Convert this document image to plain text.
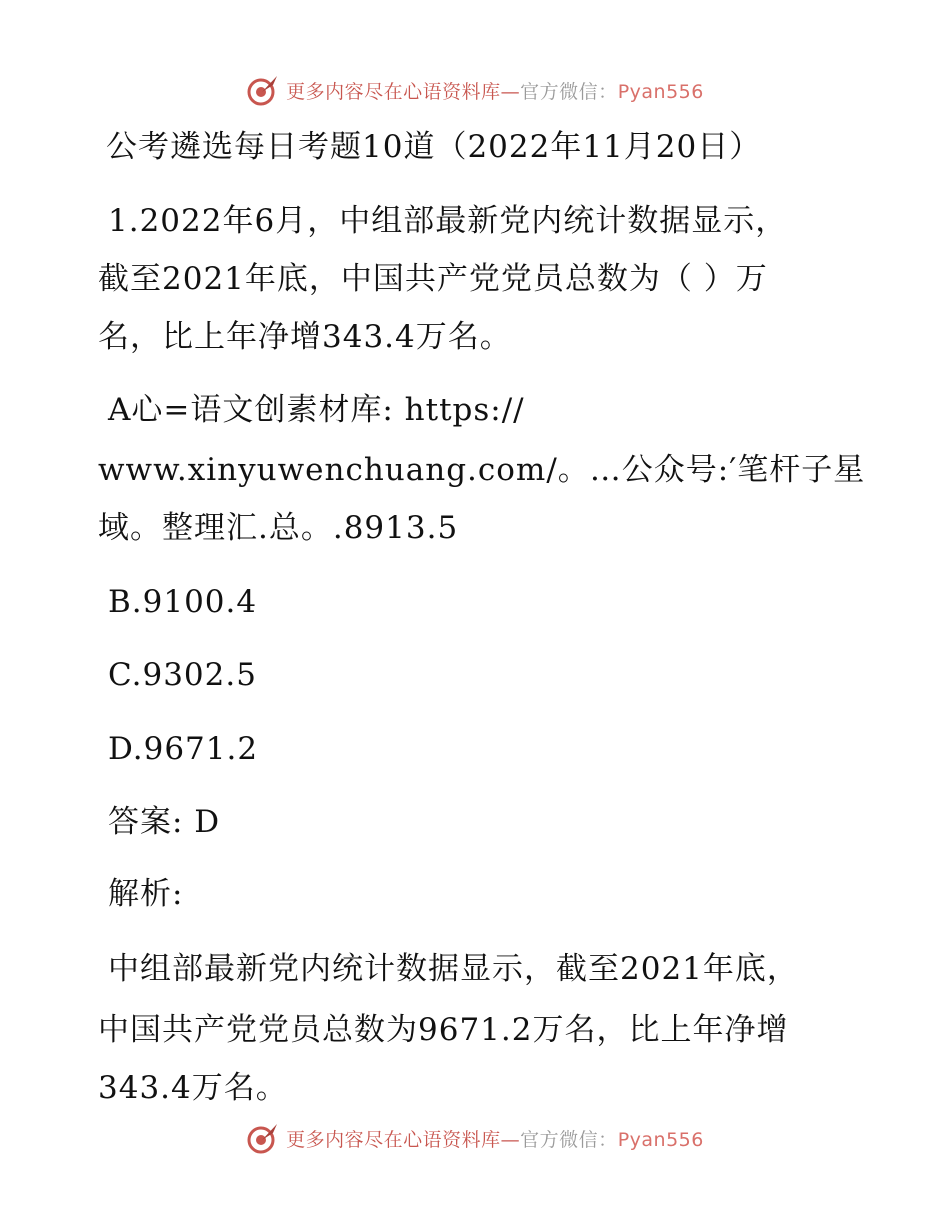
更多内容尽在心语资料库—官方微信：Pyan556
公考遴选每日考题10道（2022年11月20日）
1.2022年6月，中组部最新党内统计数据显示，
截至2021年底，中国共产党党员总数为（ ）万
名，比上年净增343.4万名。
A心=语文创素材库: https://
www.xinyuwenchuang.com/。…公众号:′笔杆子星
域。整理汇.总。.8913.5
B.9100.4
C.9302.5
D.9671.2
答案: D
解析:
中组部最新党内统计数据显示，截至2021年底，
中国共产党党员总数为9671.2万名，比上年净增
343.4万名。
更多内容尽在心语资料库—官方微信：Pyan556
